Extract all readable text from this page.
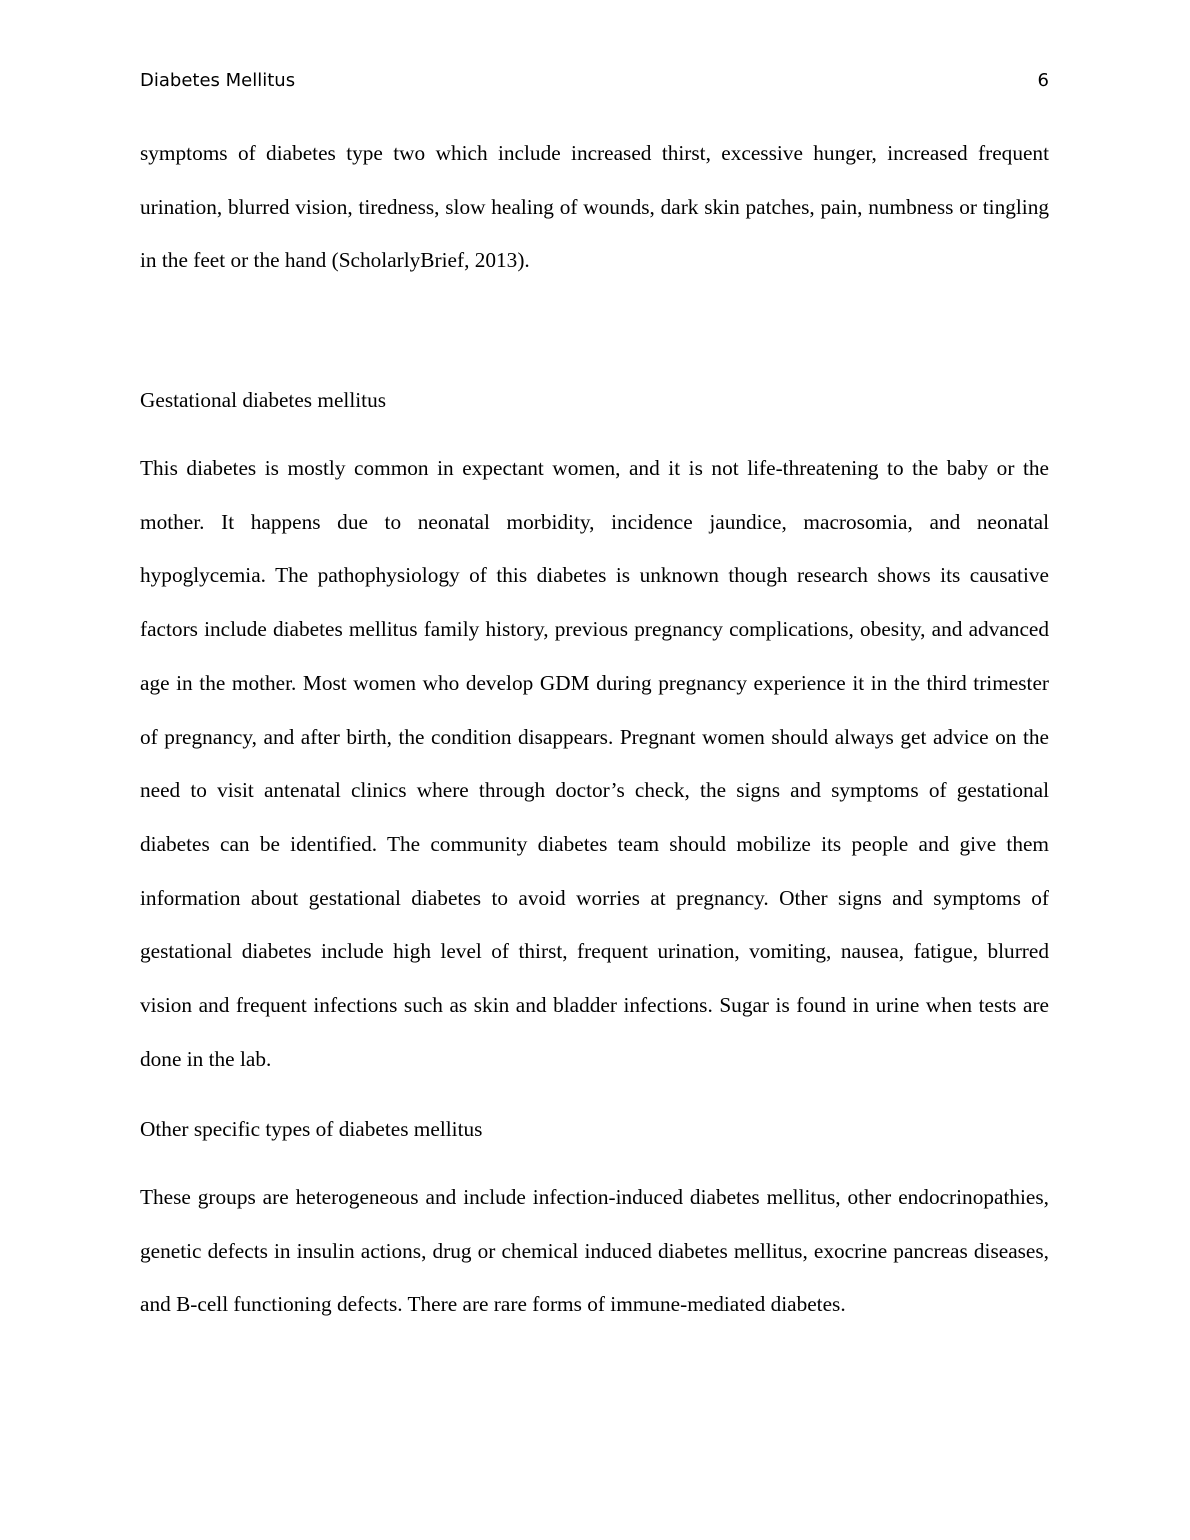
Diabetes Mellitus	6

symptoms of diabetes type two which include increased thirst, excessive hunger, increased frequent urination, blurred vision, tiredness, slow healing of wounds, dark skin patches, pain, numbness or tingling in the feet or the hand (ScholarlyBrief, 2013).

Gestational diabetes mellitus

This diabetes is mostly common in expectant women, and it is not life-threatening to the baby or the mother. It happens due to neonatal morbidity, incidence jaundice, macrosomia, and neonatal hypoglycemia. The pathophysiology of this diabetes is unknown though research shows its causative factors include diabetes mellitus family history, previous pregnancy complications, obesity, and advanced age in the mother. Most women who develop GDM during pregnancy experience it in the third trimester of pregnancy, and after birth, the condition disappears. Pregnant women should always get advice on the need to visit antenatal clinics where through doctor’s check, the signs and symptoms of gestational diabetes can be identified. The community diabetes team should mobilize its people and give them information about gestational diabetes to avoid worries at pregnancy. Other signs and symptoms of gestational diabetes include high level of thirst, frequent urination, vomiting, nausea, fatigue, blurred vision and frequent infections such as skin and bladder infections. Sugar is found in urine when tests are done in the lab.

Other specific types of diabetes mellitus

These groups are heterogeneous and include infection-induced diabetes mellitus, other endocrinopathies, genetic defects in insulin actions, drug or chemical induced diabetes mellitus, exocrine pancreas diseases, and B-cell functioning defects. There are rare forms of immune-mediated diabetes.
